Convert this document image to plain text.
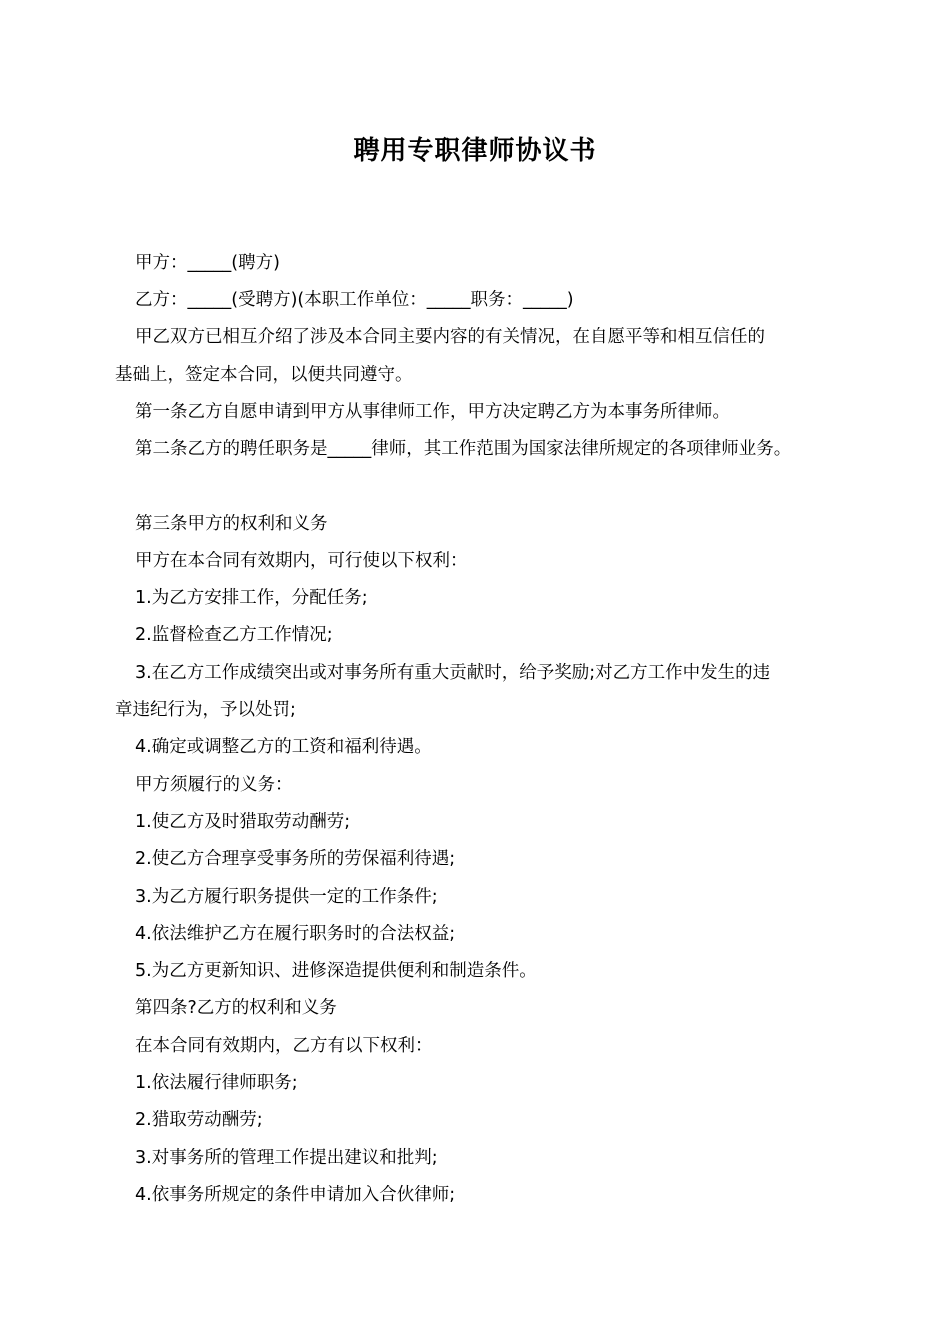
聘用专职律师协议书
甲方：_____(聘方)
乙方：_____(受聘方)(本职工作单位：_____职务：_____)
甲乙双方已相互介绍了涉及本合同主要内容的有关情况，在自愿平等和相互信任的
基础上，签定本合同，以便共同遵守。
第一条乙方自愿申请到甲方从事律师工作，甲方决定聘乙方为本事务所律师。
第二条乙方的聘任职务是_____律师，其工作范围为国家法律所规定的各项律师业务。
第三条甲方的权利和义务
甲方在本合同有效期内，可行使以下权利：
1.为乙方安排工作，分配任务;
2.监督检查乙方工作情况;
3.在乙方工作成绩突出或对事务所有重大贡献时，给予奖励;对乙方工作中发生的违
章违纪行为，予以处罚;
4.确定或调整乙方的工资和福利待遇。
甲方须履行的义务：
1.使乙方及时猎取劳动酬劳;
2.使乙方合理享受事务所的劳保福利待遇;
3.为乙方履行职务提供一定的工作条件;
4.依法维护乙方在履行职务时的合法权益;
5.为乙方更新知识、进修深造提供便利和制造条件。
第四条?乙方的权利和义务
在本合同有效期内，乙方有以下权利：
1.依法履行律师职务;
2.猎取劳动酬劳;
3.对事务所的管理工作提出建议和批判;
4.依事务所规定的条件申请加入合伙律师;
